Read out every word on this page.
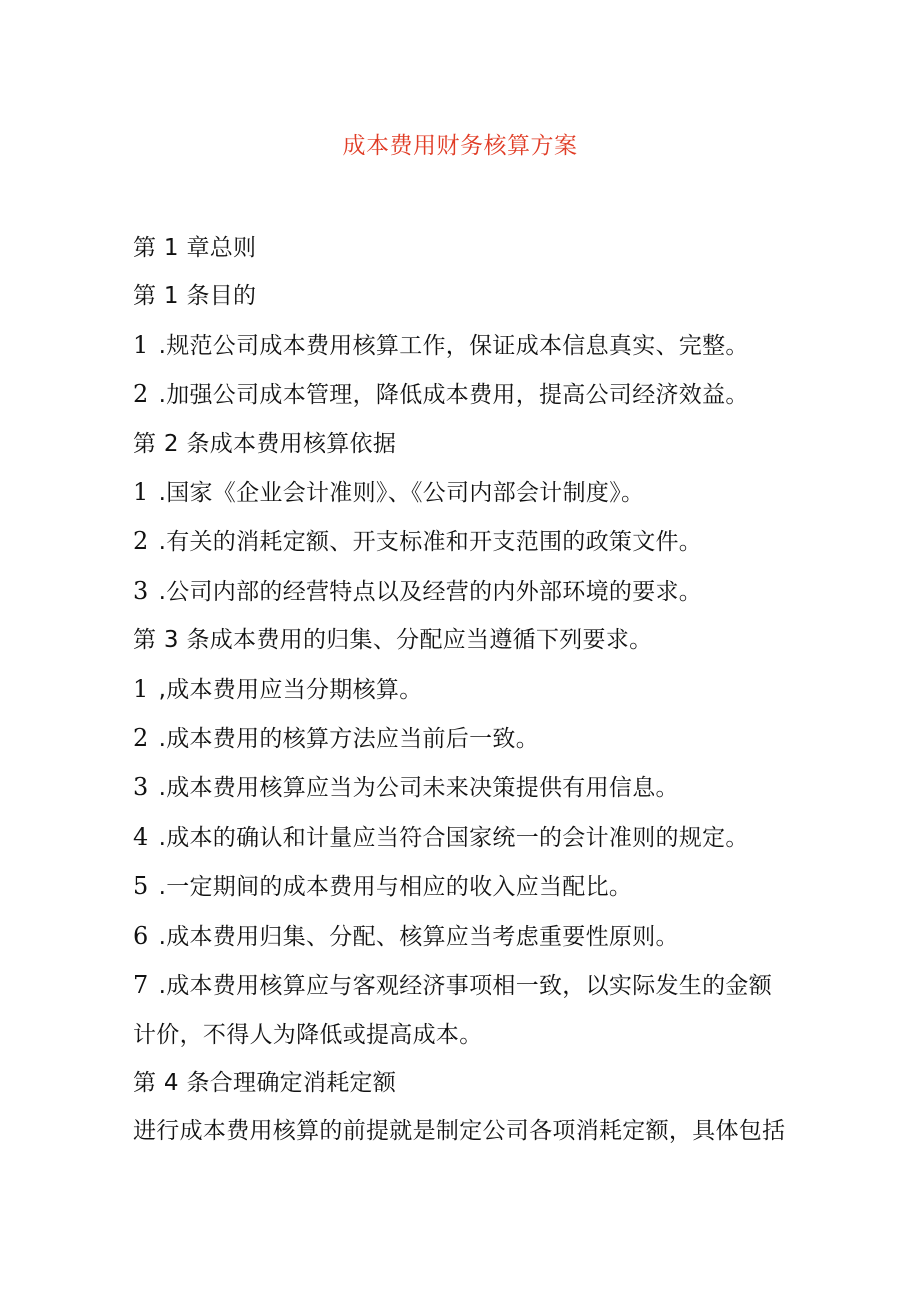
成本费用财务核算方案
第 1 章总则
第 1 条目的
1 .规范公司成本费用核算工作，保证成本信息真实、完整。
2 .加强公司成本管理，降低成本费用，提高公司经济效益。
第 2 条成本费用核算依据
1 .国家《企业会计准则》、《公司内部会计制度》。
2 .有关的消耗定额、开支标准和开支范围的政策文件。
3 .公司内部的经营特点以及经营的内外部环境的要求。
第 3 条成本费用的归集、分配应当遵循下列要求。
1 ,成本费用应当分期核算。
2 .成本费用的核算方法应当前后一致。
3 .成本费用核算应当为公司未来决策提供有用信息。
4 .成本的确认和计量应当符合国家统一的会计准则的规定。
5 .一定期间的成本费用与相应的收入应当配比。
6 .成本费用归集、分配、核算应当考虑重要性原则。
7 .成本费用核算应与客观经济事项相一致，以实际发生的金额
计价，不得人为降低或提高成本。
第 4 条合理确定消耗定额
进行成本费用核算的前提就是制定公司各项消耗定额，具体包括
